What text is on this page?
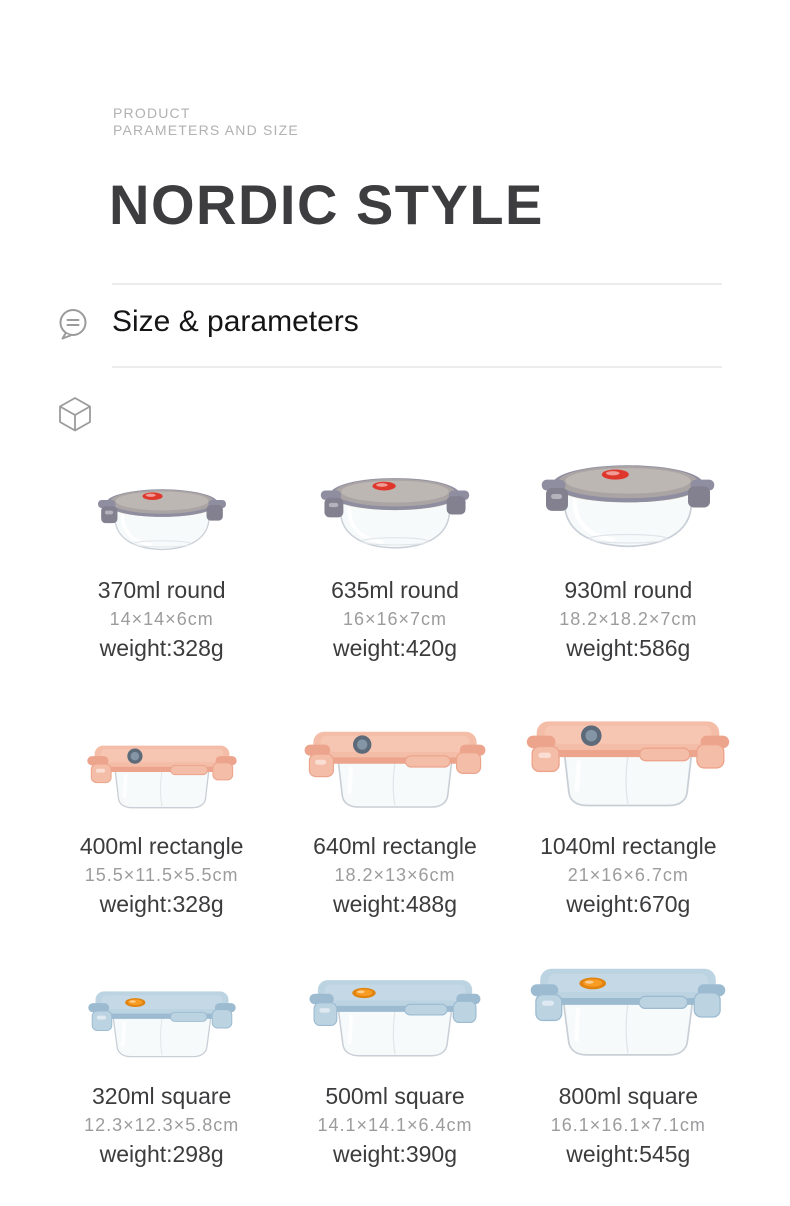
PRODUCT
PARAMETERS AND SIZE
NORDIC STYLE
Size & parameters
370ml round
14×14×6cm
weight:328g
635ml round
16×16×7cm
weight:420g
930ml round
18.2×18.2×7cm
weight:586g
400ml rectangle
15.5×11.5×5.5cm
weight:328g
640ml rectangle
18.2×13×6cm
weight:488g
1040ml rectangle
21×16×6.7cm
weight:670g
320ml square
12.3×12.3×5.8cm
weight:298g
500ml square
14.1×14.1×6.4cm
weight:390g
800ml square
16.1×16.1×7.1cm
weight:545g
